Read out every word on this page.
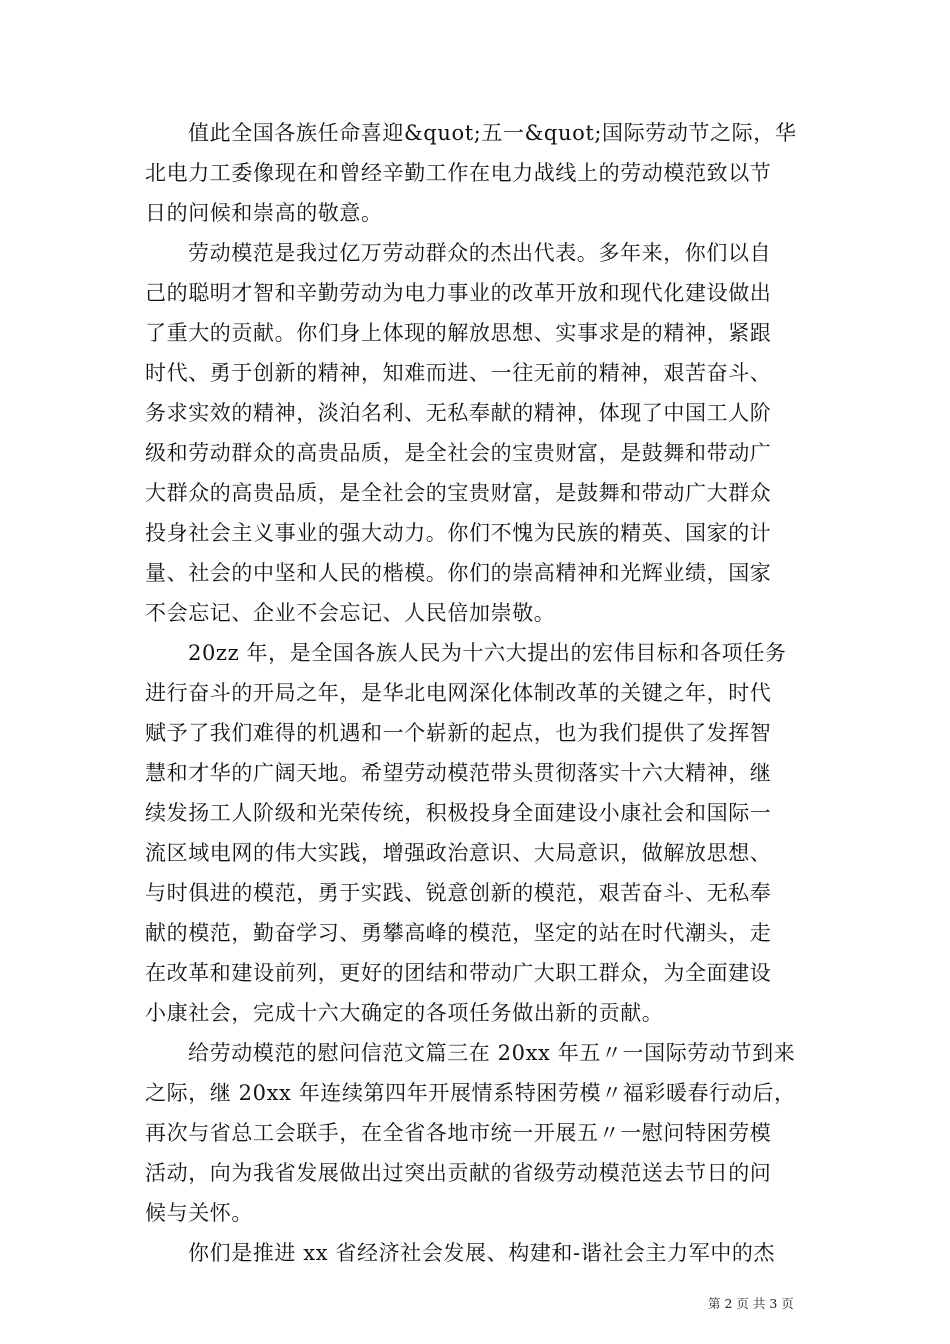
值此全国各族任命喜迎&quot;五一&quot;国际劳动节之际，华

北电力工委像现在和曾经辛勤工作在电力战线上的劳动模范致以节

日的问候和崇高的敬意。

劳动模范是我过亿万劳动群众的杰出代表。多年来，你们以自

己的聪明才智和辛勤劳动为电力事业的改革开放和现代化建设做出

了重大的贡献。你们身上体现的解放思想、实事求是的精神，紧跟

时代、勇于创新的精神，知难而进、一往无前的精神，艰苦奋斗、

务求实效的精神，淡泊名利、无私奉献的精神，体现了中国工人阶

级和劳动群众的高贵品质，是全社会的宝贵财富，是鼓舞和带动广

大群众的高贵品质，是全社会的宝贵财富，是鼓舞和带动广大群众

投身社会主义事业的强大动力。你们不愧为民族的精英、国家的计

量、社会的中坚和人民的楷模。你们的崇高精神和光辉业绩，国家

不会忘记、企业不会忘记、人民倍加崇敬。

20zz 年，是全国各族人民为十六大提出的宏伟目标和各项任务

进行奋斗的开局之年，是华北电网深化体制改革的关键之年，时代

赋予了我们难得的机遇和一个崭新的起点，也为我们提供了发挥智

慧和才华的广阔天地。希望劳动模范带头贯彻落实十六大精神，继

续发扬工人阶级和光荣传统，积极投身全面建设小康社会和国际一

流区域电网的伟大实践，增强政治意识、大局意识，做解放思想、

与时俱进的模范，勇于实践、锐意创新的模范，艰苦奋斗、无私奉

献的模范，勤奋学习、勇攀高峰的模范，坚定的站在时代潮头，走

在改革和建设前列，更好的团结和带动广大职工群众，为全面建设

小康社会，完成十六大确定的各项任务做出新的贡献。

给劳动模范的慰问信范文篇三在 20xx 年五〃一国际劳动节到来

之际，继 20xx 年连续第四年开展情系特困劳模〃福彩暖春行动后，

再次与省总工会联手，在全省各地市统一开展五〃一慰问特困劳模

活动，向为我省发展做出过突出贡献的省级劳动模范送去节日的问

候与关怀。

你们是推进 xx 省经济社会发展、构建和-谐社会主力军中的杰

第 2 页 共 3 页
